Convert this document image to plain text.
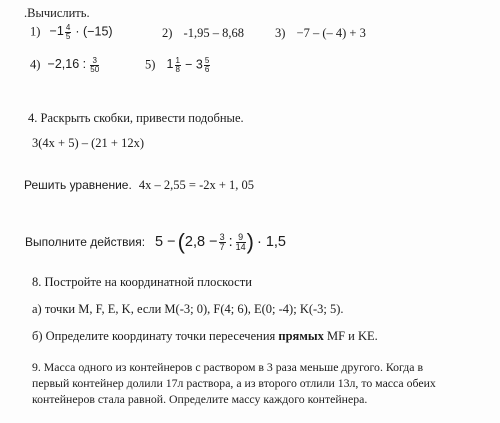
.Вычислить.
$1) -1 \frac{4}{5} \cdot (-15)$	2) -1,95 – 8,68 3) −7 – (– 4) + 3
4) −2,16 : $\frac{3}{50}$	5) $1 \frac{1}{8} - 3 \frac{5}{6}$
4. Раскрыть скобки, привести подобные.
3(4x + 5) – (21 + 12x)
Решить уравнение. 4x – 2,55 = -2x + 1, 05
Выполните действия: 5 − ( $2,8 - \frac{3}{7}$ : $\frac{9}{14}$ ) · 1,5
8. Постройте на координатной плоскости
а) точки M, F, E, K, если M(-3; 0), F(4; 6), E(0; -4); K(-3; 5).
б) Определите координату точки пересечения прямых MF и KE.
9. Масса одного из контейнеров с раствором в 3 раза меньше другого. Когда в
первый контейнер долили 17л раствора, а из второго отлили 13л, то масса обеих
контейнеров стала равной. Определите массу каждого контейнера.
